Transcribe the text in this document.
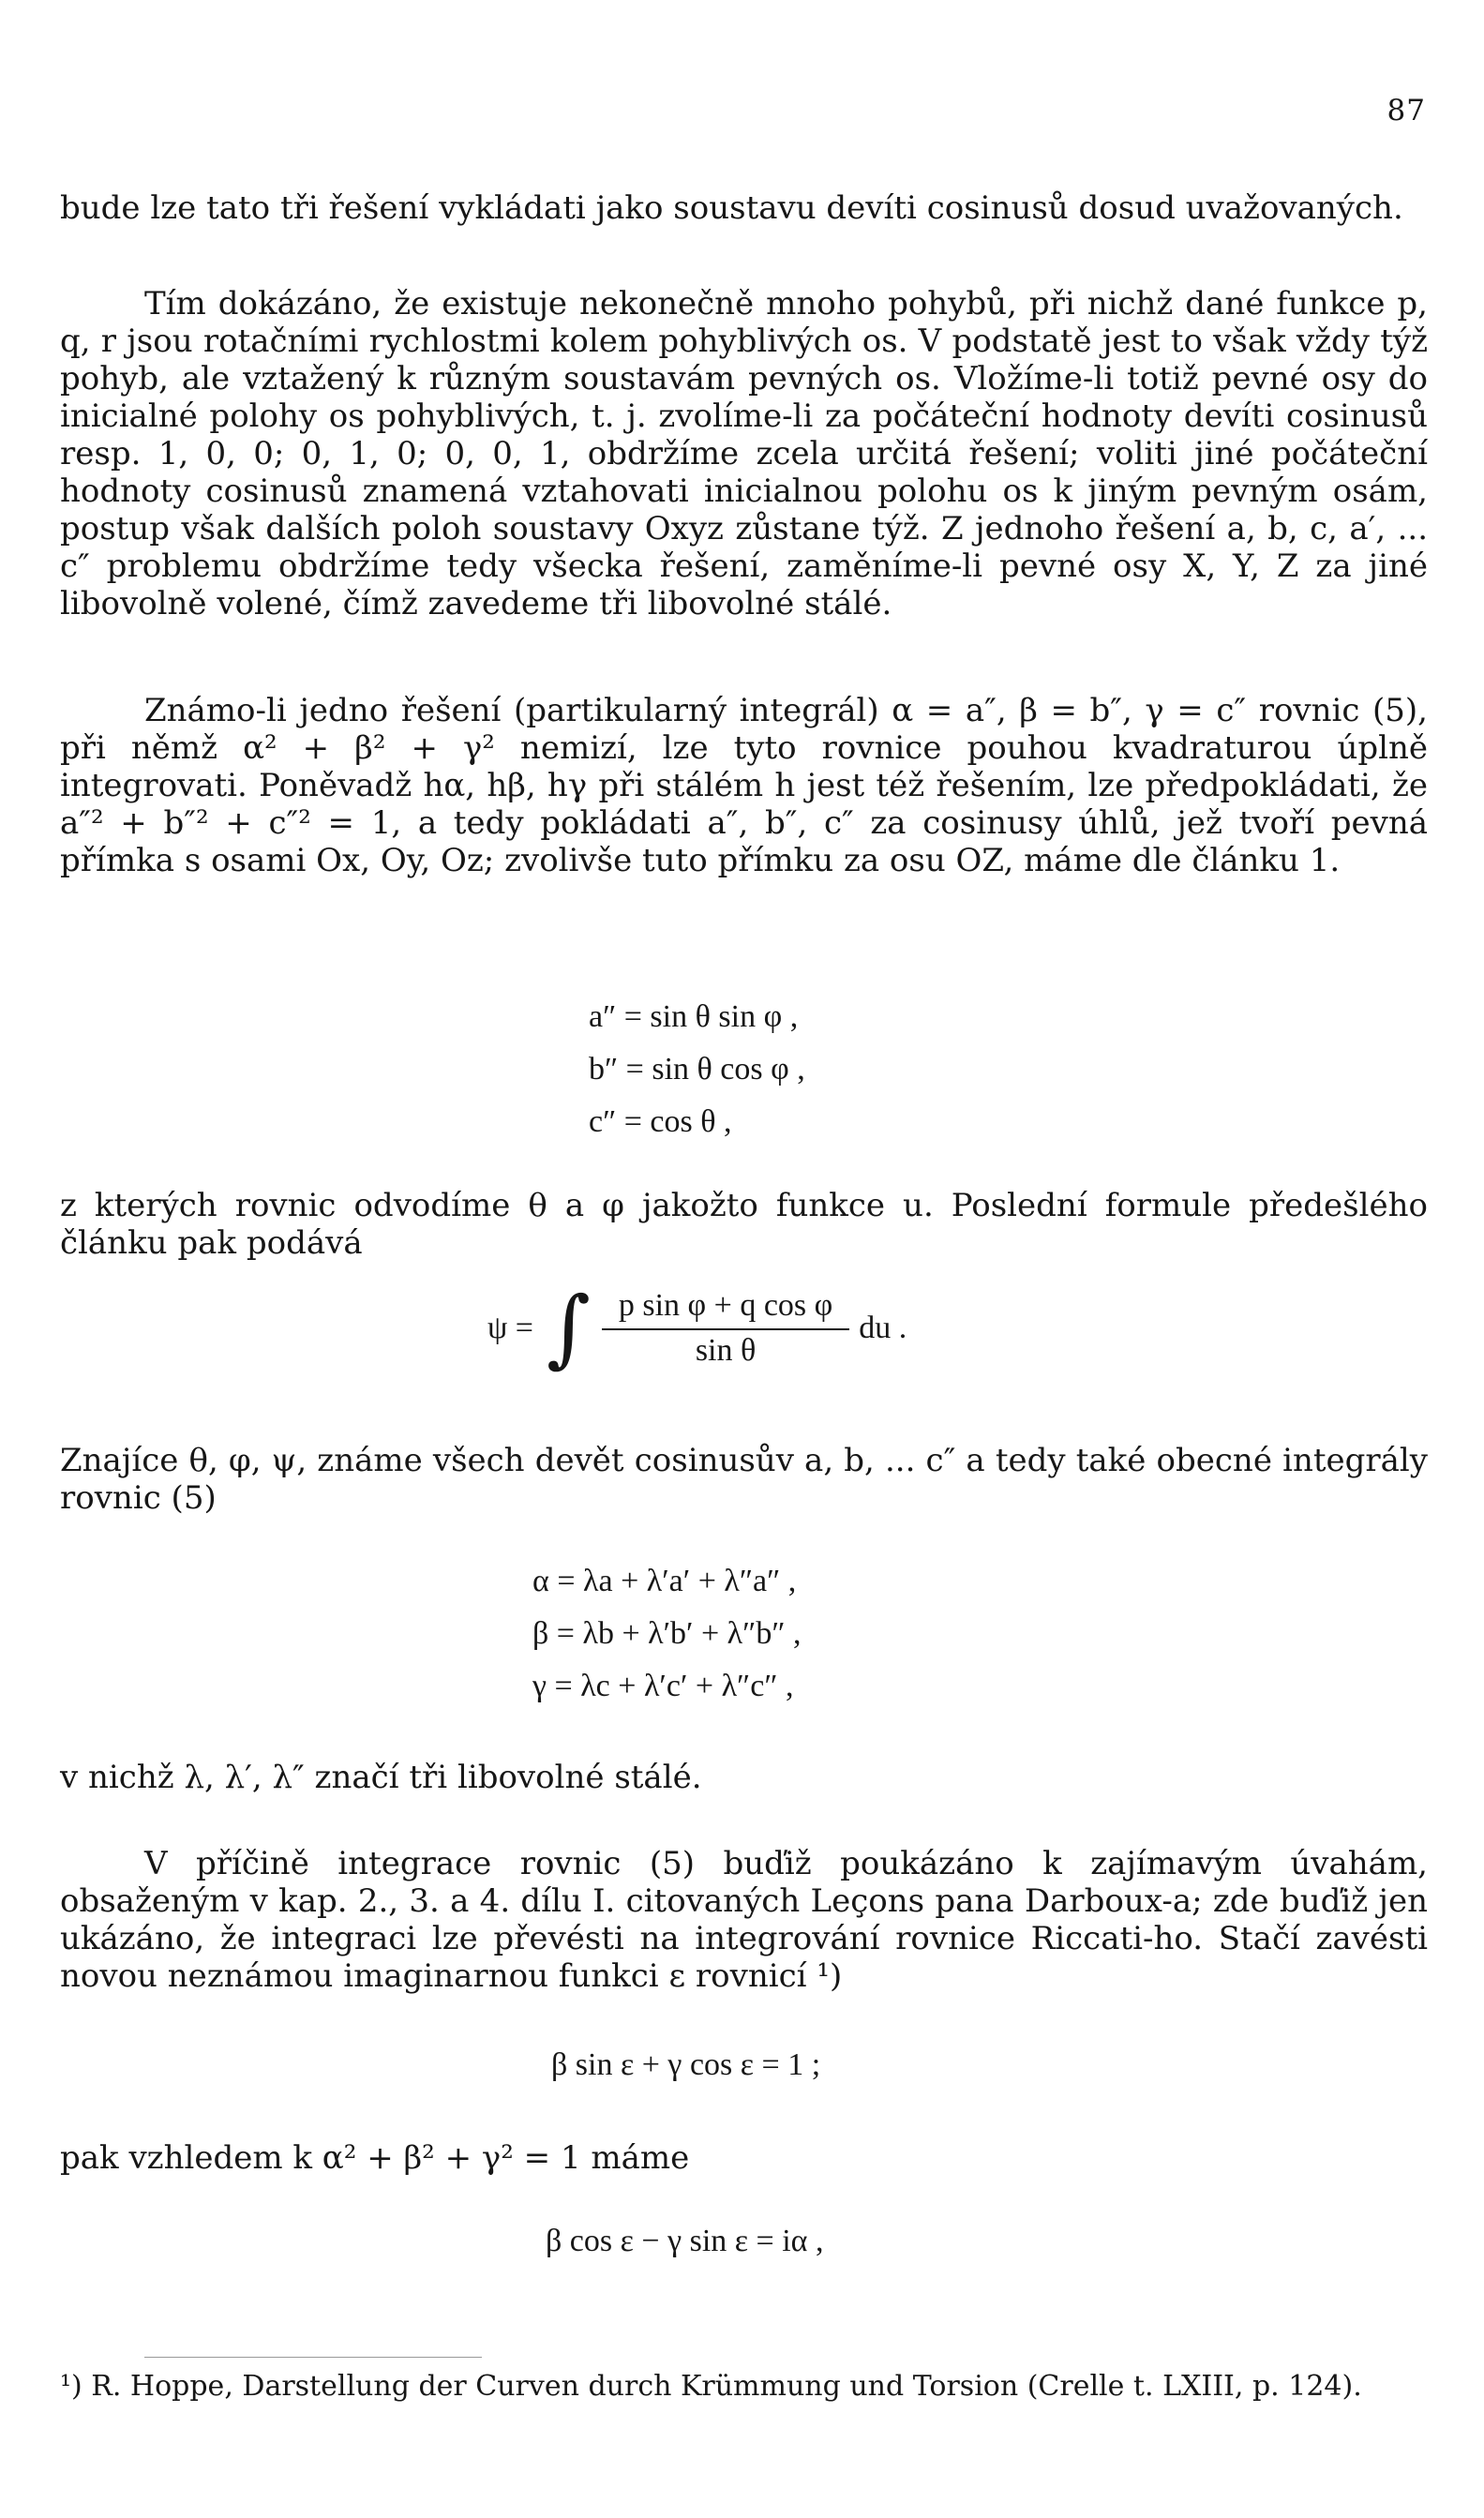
87

bude lze tato tři řešení vykládati jako soustavu devíti cosinusů dosud uvažovaných.

Tím dokázáno, že existuje nekonečně mnoho pohybů, při nichž dané funkce p, q, r jsou rotačními rychlostmi kolem pohyblivých os. V podstatě jest to však vždy týž pohyb, ale vztažený k různým soustavám pevných os. Vložíme-li totiž pevné osy do inicialné polohy os pohyblivých, t. j. zvolíme-li za počáteční hodnoty devíti cosinusů resp. 1, 0, 0; 0, 1, 0; 0, 0, 1, obdržíme zcela určitá řešení; voliti jiné počáteční hodnoty cosinusů znamená vztahovati inicialnou polohu os k jiným pevným osám, postup však dalších poloh soustavy Oxyz zůstane týž. Z jednoho řešení a, b, c, a′, ... c″ problemu obdržíme tedy všecka řešení, zaměníme-li pevné osy X, Y, Z za jiné libovolně volené, čímž zavedeme tři libovolné stálé.

Známo-li jedno řešení (partikularný integrál) α = a″, β = b″, γ = c″ rovnic (5), při němž α² + β² + γ² nemizí, lze tyto rovnice pouhou kvadraturou úplně integrovati. Poněvadž hα, hβ, hγ při stálém h jest též řešením, lze předpokládati, že a″² + b″² + c″² = 1, a tedy pokládati a″, b″, c″ za cosinusy úhlů, jež tvoří pevná přímka s osami Ox, Oy, Oz; zvolivše tuto přímku za osu OZ, máme dle článku 1.

a″ = sin θ sin φ ,
b″ = sin θ cos φ ,
c″ = cos θ ,

z kterých rovnic odvodíme θ a φ jakožto funkce u. Poslední formule předešlého článku pak podává

ψ = ∫ $\frac{\text{p sin φ + q cos φ}}{\text{sin θ}}$ du .

Znajíce θ, φ, ψ, známe všech devět cosinusův a, b, ... c″ a tedy také obecné integrály rovnic (5)

α = λa + λ′a′ + λ″a″ ,
β = λb + λ′b′ + λ″b″ ,
γ = λc + λ′c′ + λ″c″ ,

v nichž λ, λ′, λ″ značí tři libovolné stálé.

V příčině integrace rovnic (5) buďiž poukázáno k zajímavým úvahám, obsaženým v kap. 2., 3. a 4. dílu I. citovaných Leçons pana Darboux-a; zde buďiž jen ukázáno, že integraci lze převésti na integrování rovnice Riccati-ho. Stačí zavésti novou neznámou imaginarnou funkci ε rovnicí ¹)

β sin ε + γ cos ε = 1 ;

pak vzhledem k α² + β² + γ² = 1 máme

β cos ε − γ sin ε = iα ,

¹) R. Hoppe, Darstellung der Curven durch Krümmung und Torsion (Crelle t. LXIII, p. 124).
